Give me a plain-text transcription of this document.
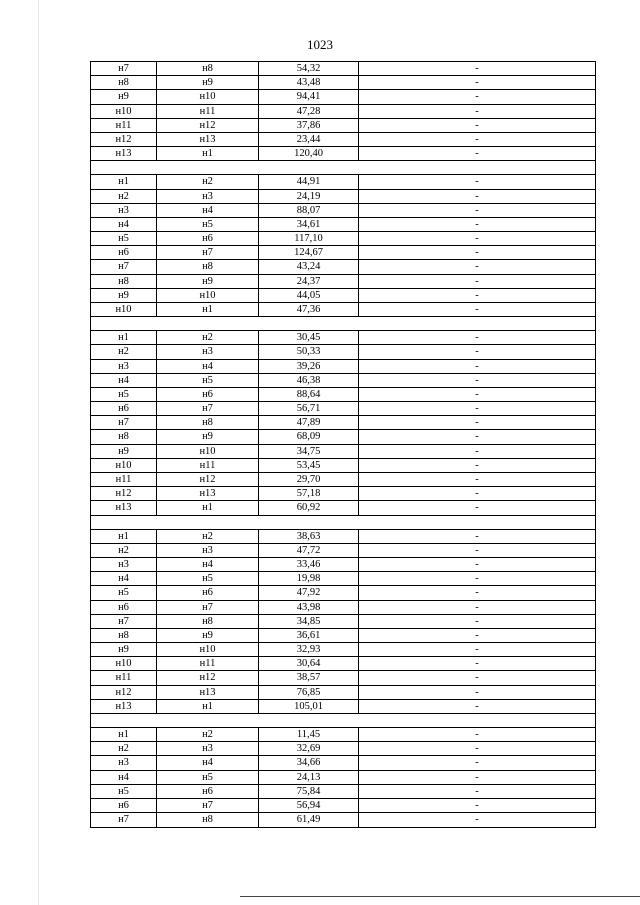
1023
н7	н8	54,32	-
н8	н9	43,48	-
н9	н10	94,41	-
н10	н11	47,28	-
н11	н12	37,86	-
н12	н13	23,44	-
н13	н1	120,40	-
н1	н2	44,91	-
н2	н3	24,19	-
н3	н4	88,07	-
н4	н5	34,61	-
н5	н6	117,10	-
н6	н7	124,67	-
н7	н8	43,24	-
н8	н9	24,37	-
н9	н10	44,05	-
н10	н1	47,36	-
н1	н2	30,45	-
н2	н3	50,33	-
н3	н4	39,26	-
н4	н5	46,38	-
н5	н6	88,64	-
н6	н7	56,71	-
н7	н8	47,89	-
н8	н9	68,09	-
н9	н10	34,75	-
н10	н11	53,45	-
н11	н12	29,70	-
н12	н13	57,18	-
н13	н1	60,92	-
н1	н2	38,63	-
н2	н3	47,72	-
н3	н4	33,46	-
н4	н5	19,98	-
н5	н6	47,92	-
н6	н7	43,98	-
н7	н8	34,85	-
н8	н9	36,61	-
н9	н10	32,93	-
н10	н11	30,64	-
н11	н12	38,57	-
н12	н13	76,85	-
н13	н1	105,01	-
н1	н2	11,45	-
н2	н3	32,69	-
н3	н4	34,66	-
н4	н5	24,13	-
н5	н6	75,84	-
н6	н7	56,94	-
н7	н8	61,49	-
